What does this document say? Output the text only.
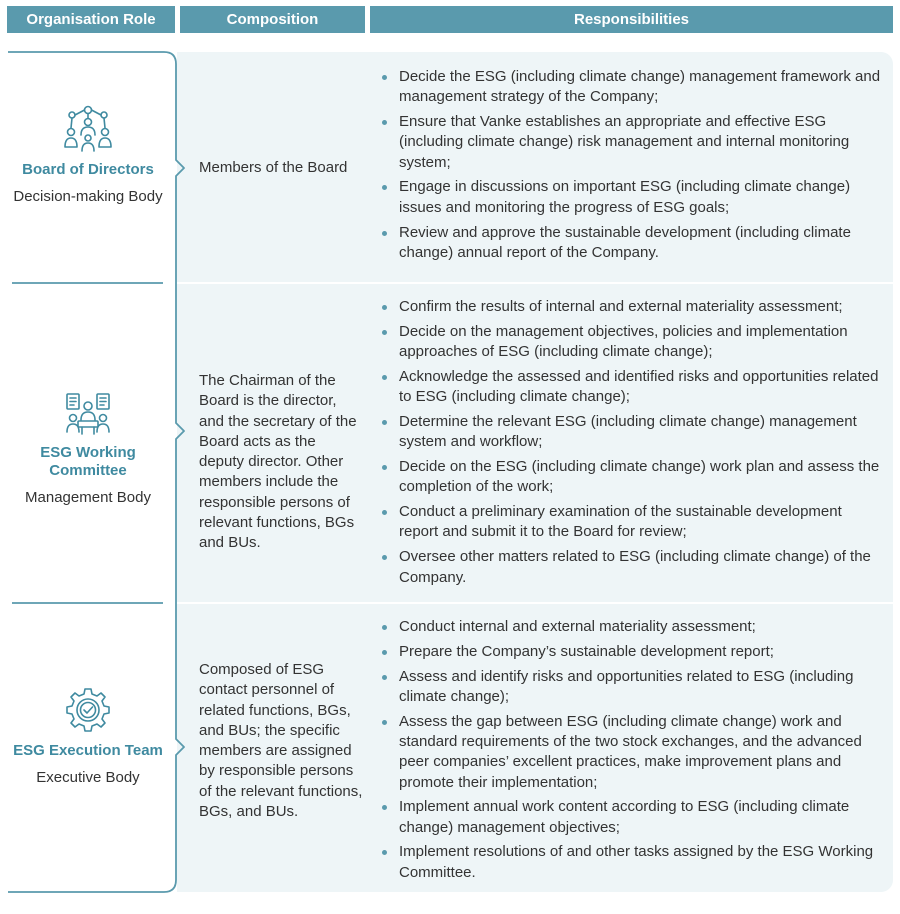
Organisation Role	Composition	Responsibilities
Board of Directors
Decision-making Body
Members of the Board
Decide the ESG (including climate change) management framework and management strategy of the Company;
Ensure that Vanke establishes an appropriate and effective ESG (including climate change) risk management and internal monitoring system;
Engage in discussions on important ESG (including climate change) issues and monitoring the progress of ESG goals;
Review and approve the sustainable development (including climate change) annual report of the Company.
ESG Working Committee
Management Body
The Chairman of the Board is the director, and the secretary of the Board acts as the deputy director. Other members include the responsible persons of relevant functions, BGs and BUs.
Confirm the results of internal and external materiality assessment;
Decide on the management objectives, policies and implementation approaches of ESG (including climate change);
Acknowledge the assessed and identified risks and opportunities related to ESG (including climate change);
Determine the relevant ESG (including climate change) management system and workflow;
Decide on the ESG (including climate change) work plan and assess the completion of the work;
Conduct a preliminary examination of the sustainable development report and submit it to the Board for review;
Oversee other matters related to ESG (including climate change) of the Company.
ESG Execution Team
Executive Body
Composed of ESG contact personnel of related functions, BGs, and BUs; the specific members are assigned by responsible persons of the relevant functions, BGs, and BUs.
Conduct internal and external materiality assessment;
Prepare the Company’s sustainable development report;
Assess and identify risks and opportunities related to ESG (including climate change);
Assess the gap between ESG (including climate change) work and standard requirements of the two stock exchanges, and the advanced peer companies’ excellent practices, make improvement plans and promote their implementation;
Implement annual work content according to ESG (including climate change) management objectives;
Implement resolutions of and other tasks assigned by the ESG Working Committee.
